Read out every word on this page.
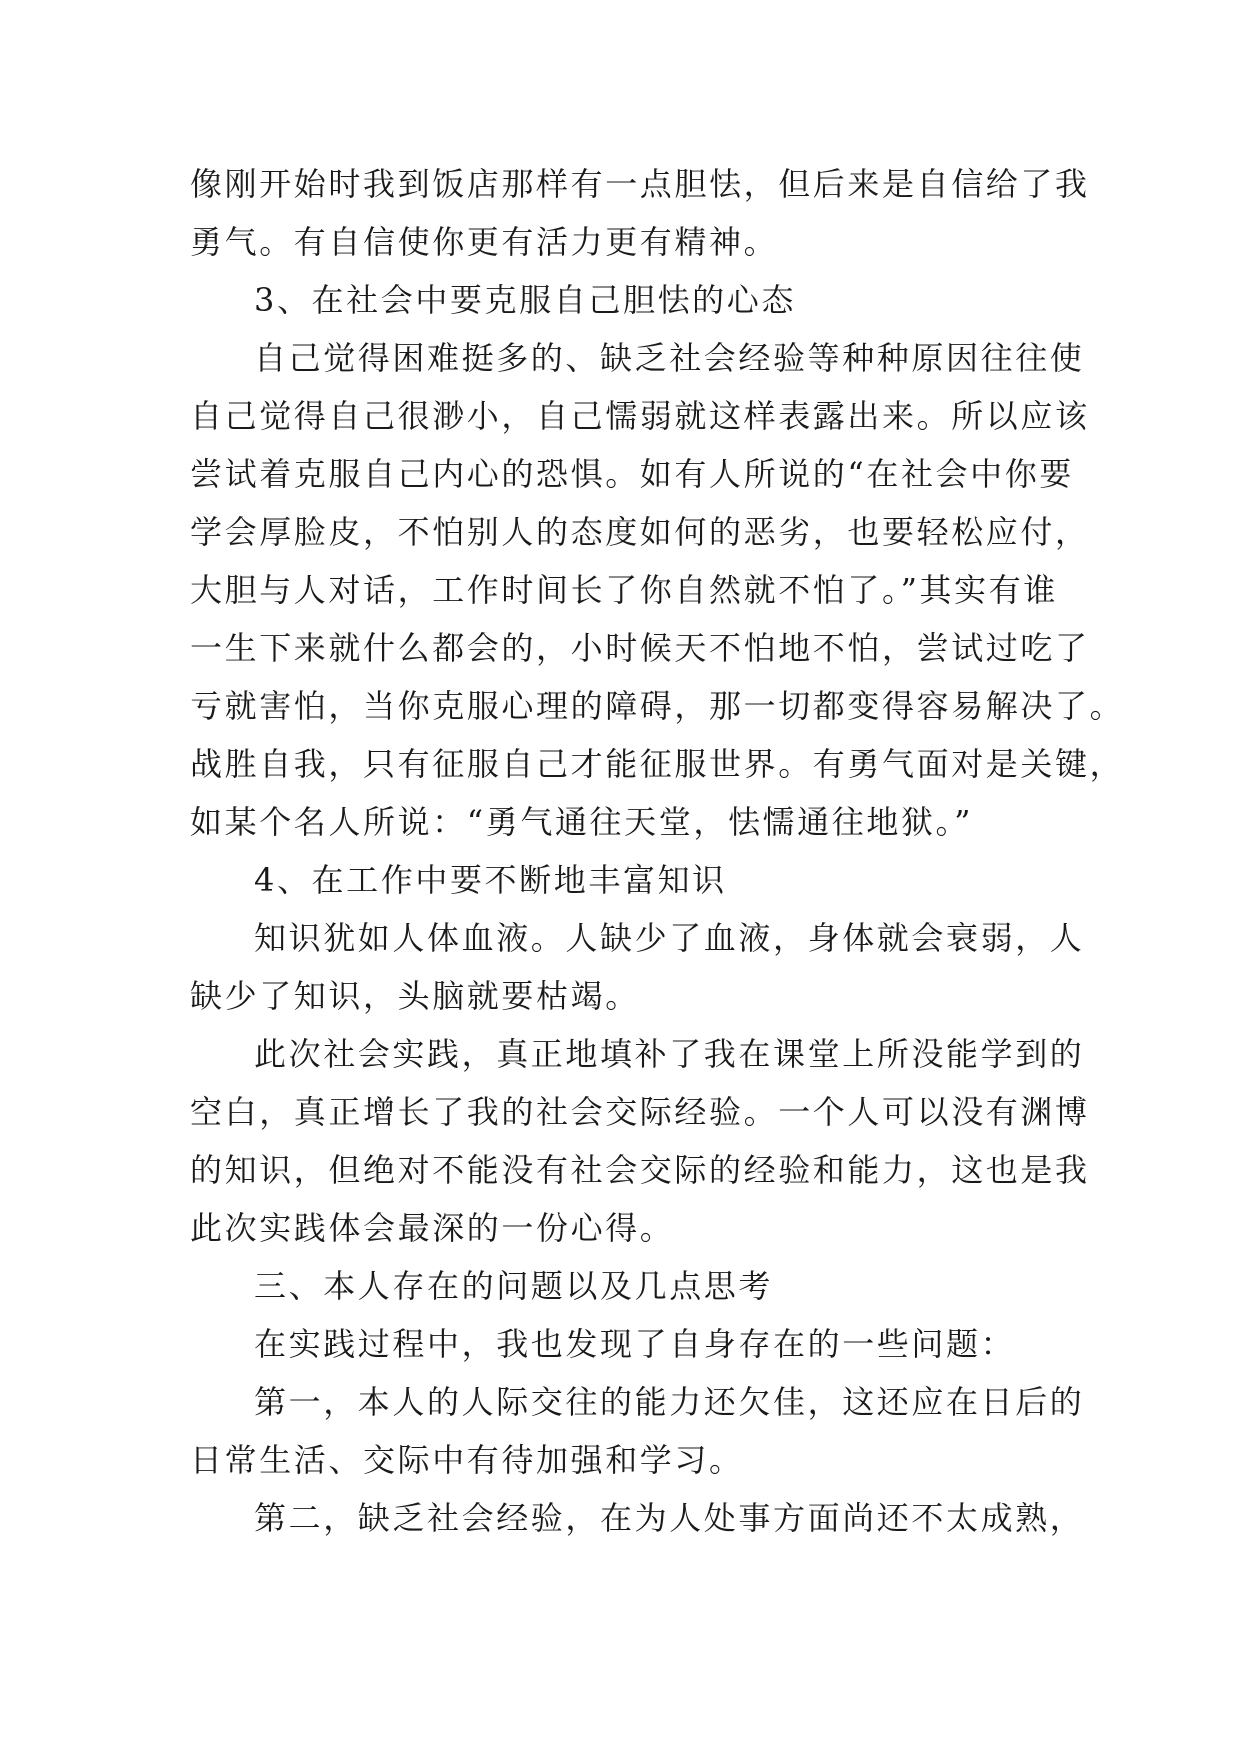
像刚开始时我到饭店那样有一点胆怯，但后来是自信给了我
勇气。有自信使你更有活力更有精神。
3、在社会中要克服自己胆怯的心态
自己觉得困难挺多的、缺乏社会经验等种种原因往往使
自己觉得自己很渺小，自己懦弱就这样表露出来。所以应该
尝试着克服自己内心的恐惧。如有人所说的“在社会中你要
学会厚脸皮，不怕别人的态度如何的恶劣，也要轻松应付，
大胆与人对话，工作时间长了你自然就不怕了。”其实有谁
一生下来就什么都会的，小时候天不怕地不怕，尝试过吃了
亏就害怕，当你克服心理的障碍，那一切都变得容易解决了。
战胜自我，只有征服自己才能征服世界。有勇气面对是关键，
如某个名人所说：“勇气通往天堂，怯懦通往地狱。”
4、在工作中要不断地丰富知识
知识犹如人体血液。人缺少了血液，身体就会衰弱，人
缺少了知识，头脑就要枯竭。
此次社会实践，真正地填补了我在课堂上所没能学到的
空白，真正增长了我的社会交际经验。一个人可以没有渊博
的知识，但绝对不能没有社会交际的经验和能力，这也是我
此次实践体会最深的一份心得。
三、本人存在的问题以及几点思考
在实践过程中，我也发现了自身存在的一些问题：
第一，本人的人际交往的能力还欠佳，这还应在日后的
日常生活、交际中有待加强和学习。
第二，缺乏社会经验，在为人处事方面尚还不太成熟，
